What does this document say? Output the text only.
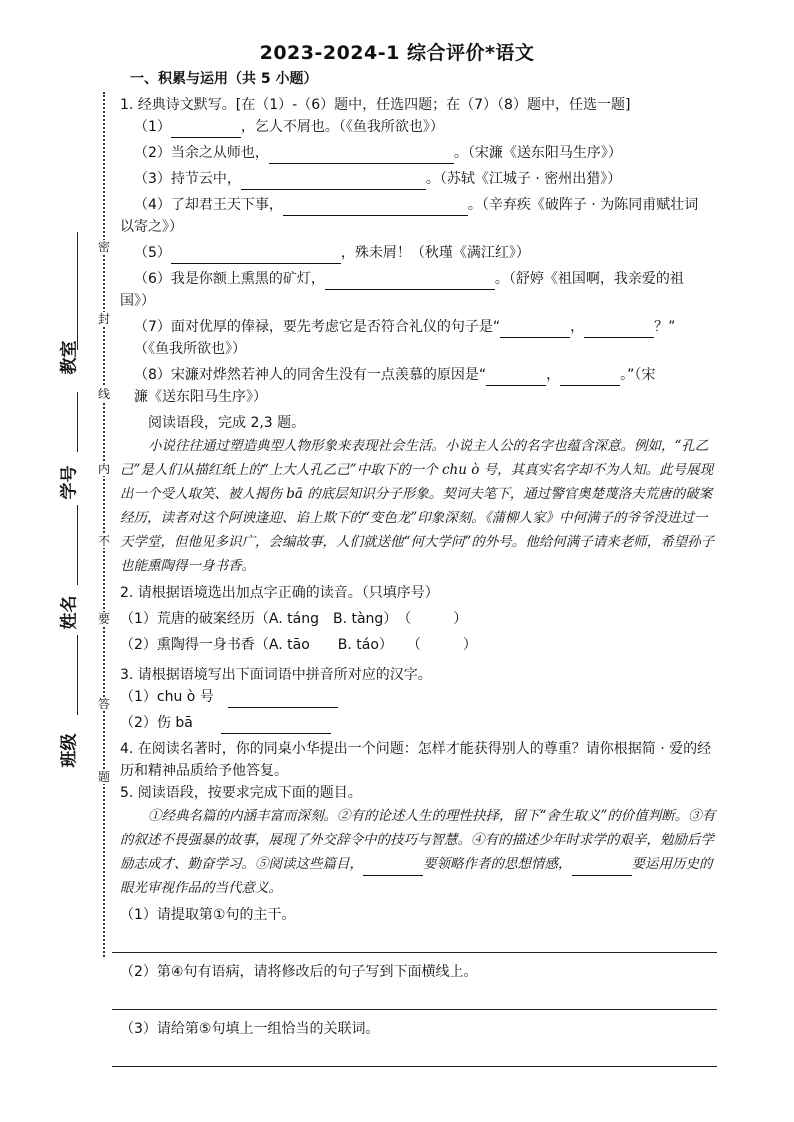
密
封
线
内
不
要
答
题
教室
学号
姓名
班级
2023-2024-1 综合评价*语文
一、积累与运用（共 5 小题）
1. 经典诗文默写。[在（1）-（6）题中，任选四题；在（7）（8）题中，任选一题]
（1）	，乞人不屑也。（《鱼我所欲也》）
（2）当余之从师也，	。（宋濂《送东阳马生序》）
（3）持节云中，	。（苏轼《江城子 · 密州出猎》）
（4）了却君王天下事，	。（辛弃疾《破阵子 · 为陈同甫赋壮词
以寄之》）
（5）	，殊未屑！（秋瑾《满江红》）
（6）我是你额上熏黑的矿灯，	。（舒婷《祖国啊，我亲爱的祖
国》）
（7）面对优厚的俸禄，要先考虑它是否符合礼仪的句子是“	，	？”
（《鱼我所欲也》）
（8）宋濂对烨然若神人的同舍生没有一点羡慕的原因是“	，	。”（宋
濂《送东阳马生序》）
阅读语段，完成 2,3 题。

小说往往通过塑造典型人物形象来表现社会生活。小说主人公的名字也蕴含深意。例如，“孔乙己”是人们从描红纸上的“上大人孔乙己”中取下的一个 chu ò 号，其真实名字却不为人知。此号展现出一个受人取笑、被人揭伤 bā 的底层知识分子形象。契诃夫笔下，通过警官奥楚蔑洛夫荒唐的破案经历，读者对这个阿谀逢迎、谄上欺下的“变色龙”印象深刻。《蒲柳人家》中何满子的爷爷没进过一天学堂，但他见多识广，会编故事，人们就送他“何大学问”的外号。他给何满子请来老师，希望孙子也能熏陶得一身书香。

2. 请根据语境选出加点字正确的读音。（只填序号）
（1）荒唐的破案经历（A. táng　B. tàng）　（　　　）
（2）熏陶得一身书香（A. tāo　　B. táo）　　（　　　）
3. 请根据语境写出下面词语中拼音所对应的汉字。
（1）chu ò 号　
（2）伤 bā　　
4. 在阅读名著时，你的同桌小华提出一个问题：怎样才能获得别人的尊重？请你根据简 · 爱的经历和精神品质给予他答复。
5. 阅读语段，按要求完成下面的题目。

①经典名篇的内涵丰富而深刻。②有的论述人生的理性抉择，留下“舍生取义”的价值判断。③有的叙述不畏强暴的故事，展现了外交辞令中的技巧与智慧。④有的描述少年时求学的艰辛，勉励后学励志成才、勤奋学习。⑤阅读这些篇目，	要领略作者的思想情感，	要运用历史的眼光审视作品的当代意义。

（1）请提取第①句的主干。
（2）第④句有语病，请将修改后的句子写到下面横线上。
（3）请给第⑤句填上一组恰当的关联词。
